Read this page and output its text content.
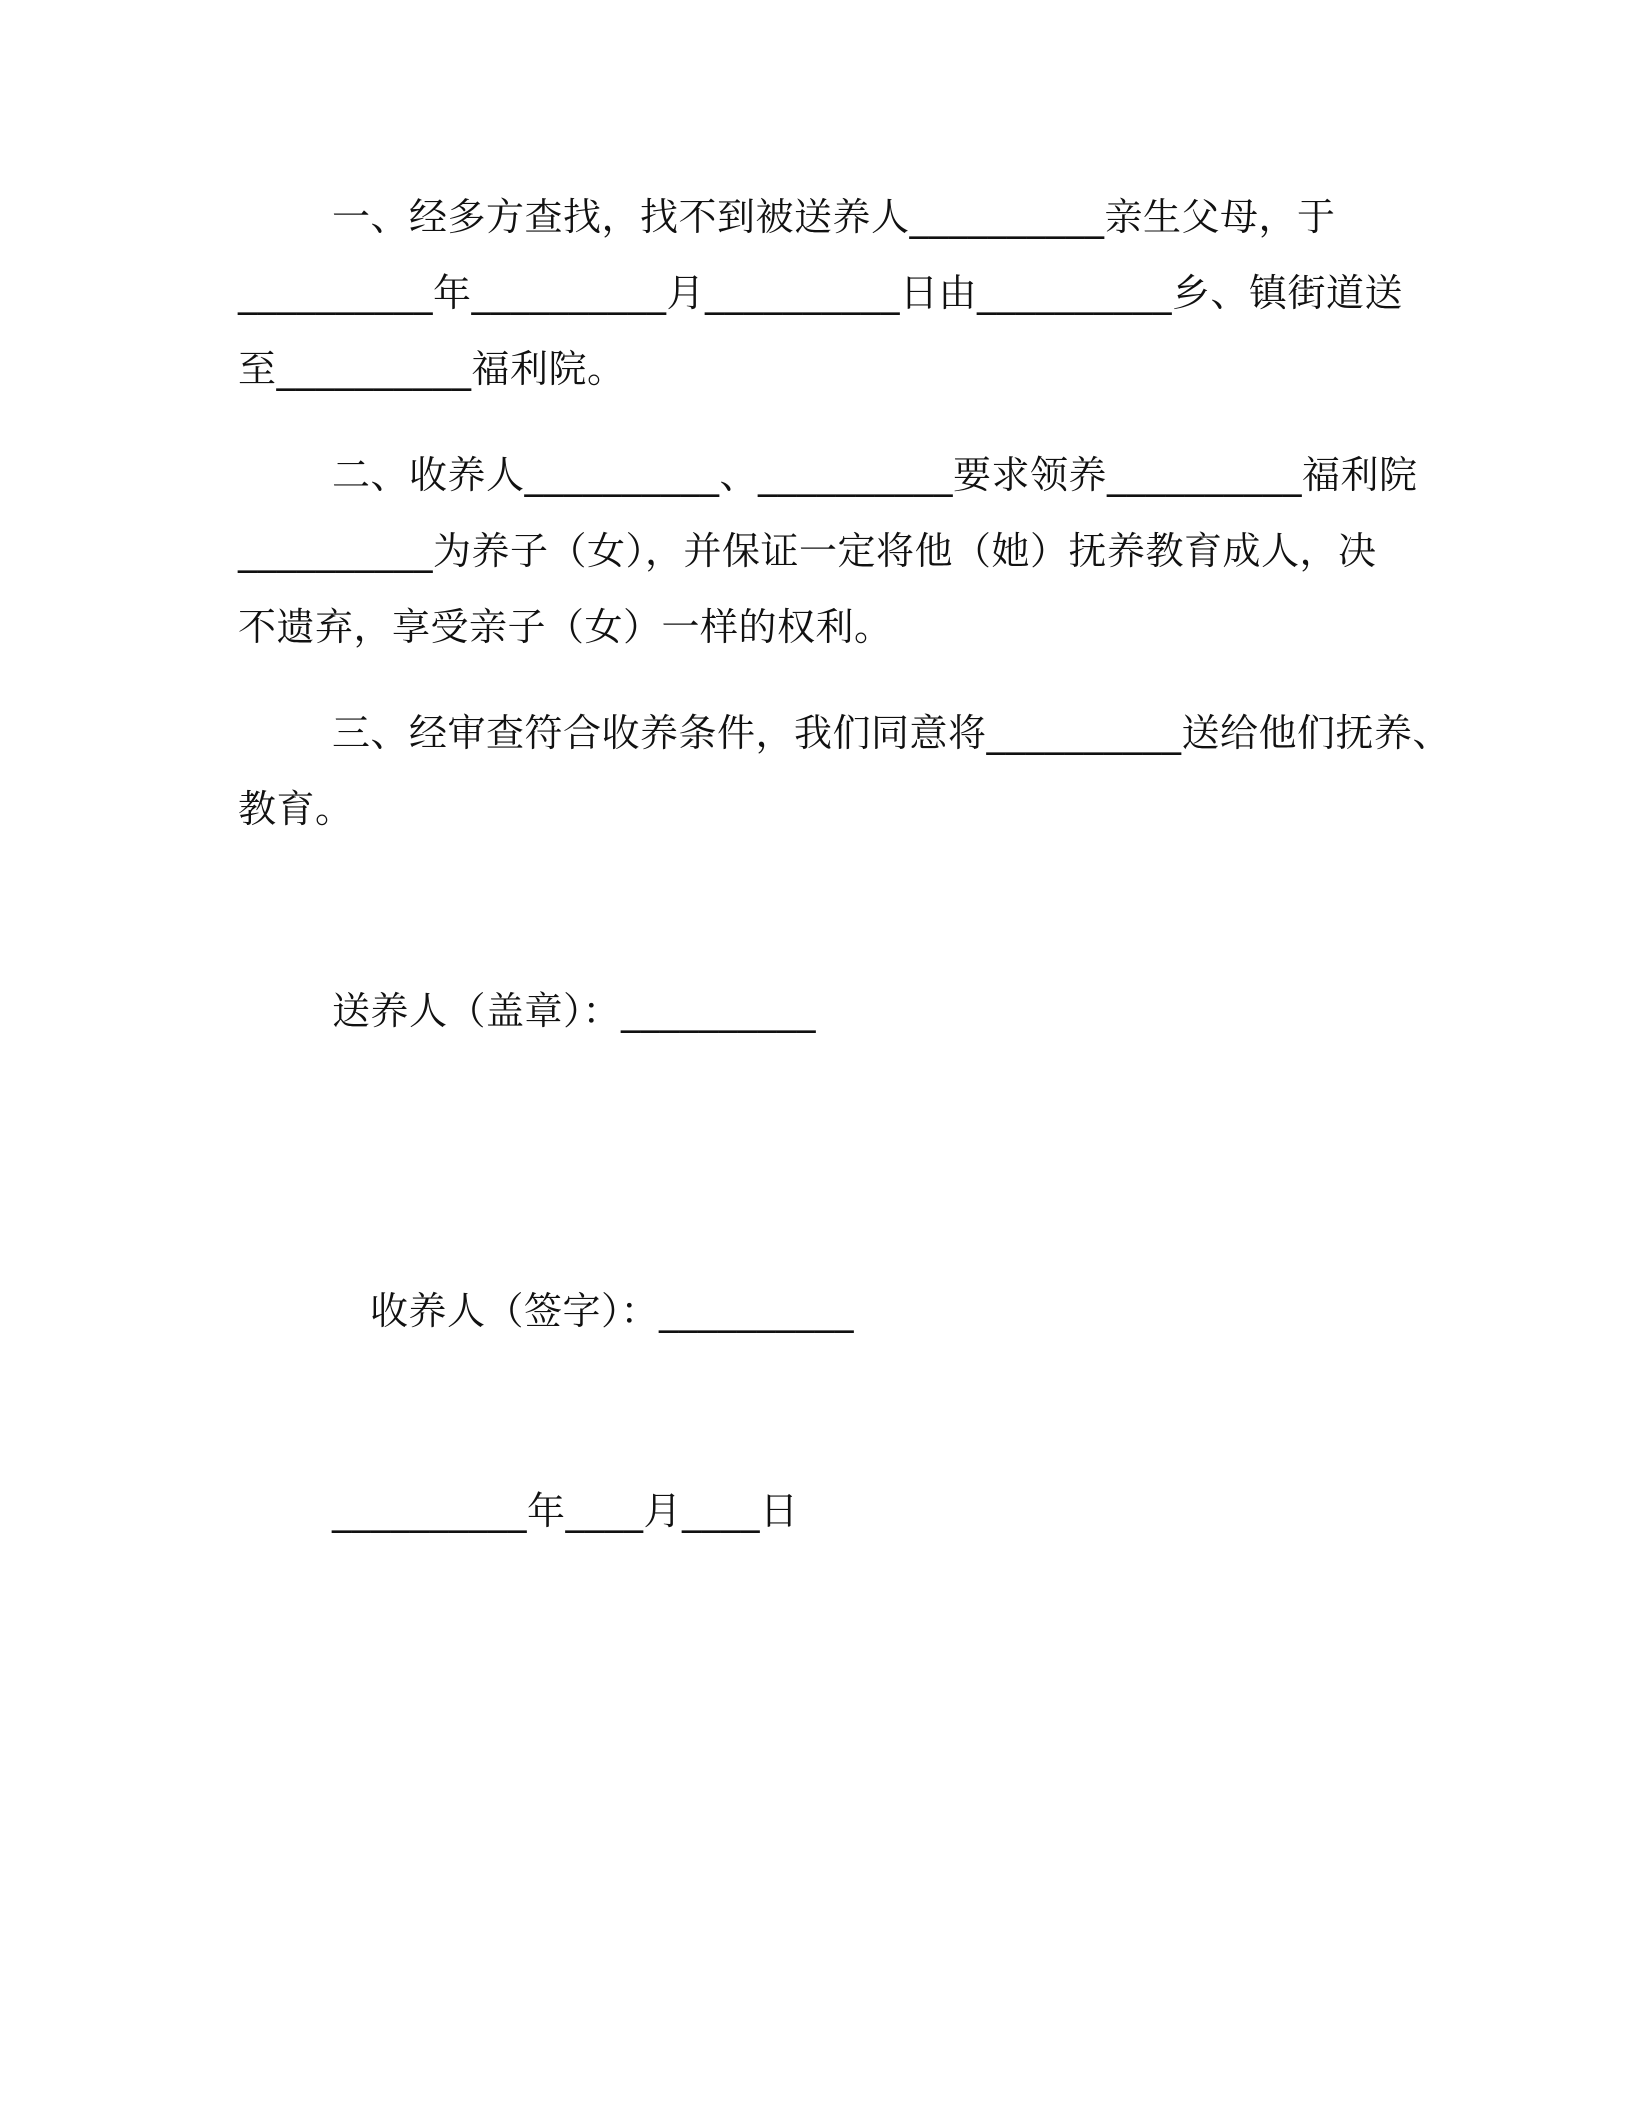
一、经多方查找，找不到被送养人__________亲生父母，于
__________年__________月__________日由__________乡、镇街道送
至__________福利院。
二、收养人__________、__________要求领养__________福利院
__________为养子（女），并保证一定将他（她）抚养教育成人，决
不遗弃，享受亲子（女）一样的权利。
三、经审查符合收养条件，我们同意将__________送给他们抚养、
教育。
送养人（盖章）：__________
收养人（签字）：__________
__________年____月____日
